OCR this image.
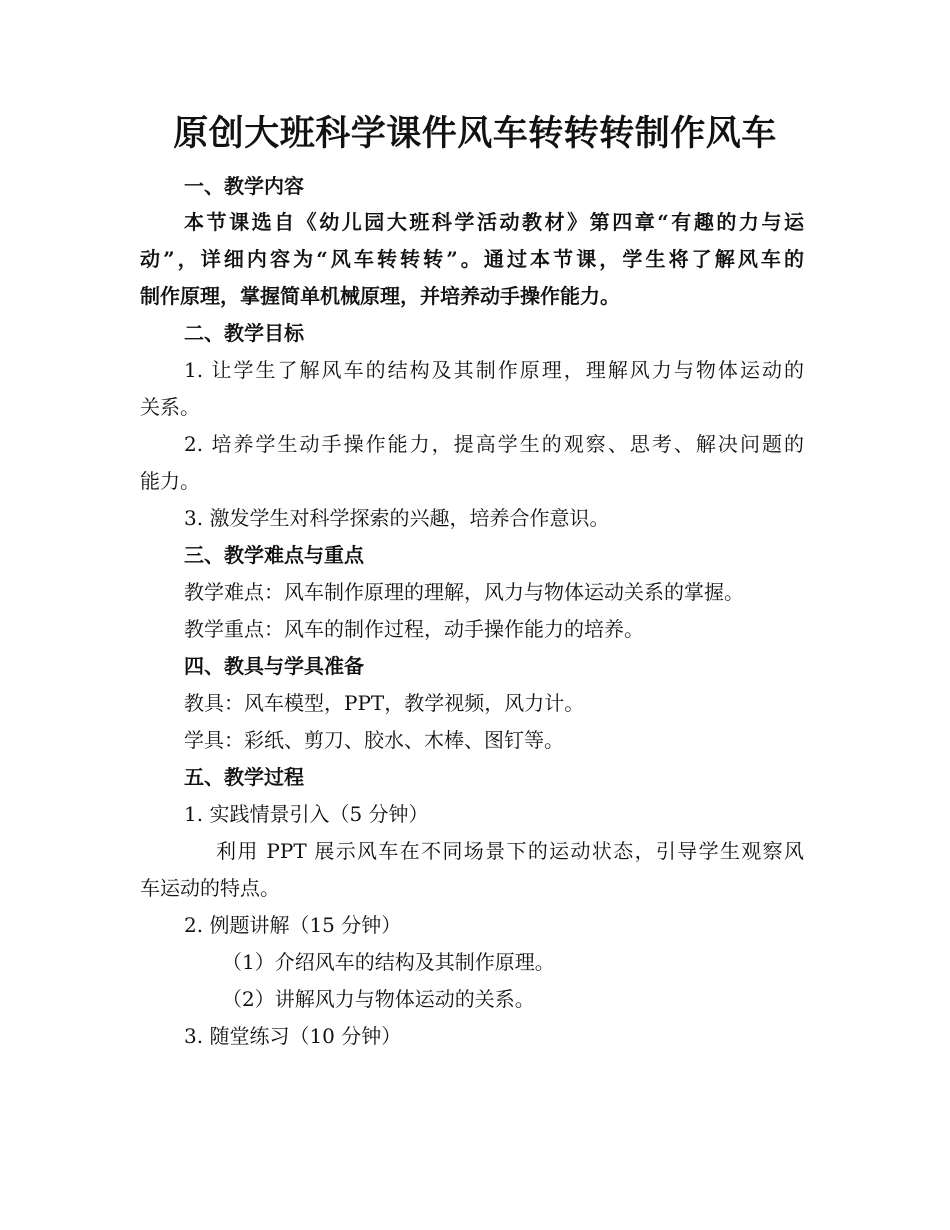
原创大班科学课件风车转转转制作风车
一、教学内容
本节课选自《幼儿园大班科学活动教材》第四章“有趣的力与运
动”，详细内容为“风车转转转”。通过本节课，学生将了解风车的
制作原理，掌握简单机械原理，并培养动手操作能力。
二、教学目标
1. 让学生了解风车的结构及其制作原理，理解风力与物体运动的
关系。
2. 培养学生动手操作能力，提高学生的观察、思考、解决问题的
能力。
3. 激发学生对科学探索的兴趣，培养合作意识。
三、教学难点与重点
教学难点：风车制作原理的理解，风力与物体运动关系的掌握。
教学重点：风车的制作过程，动手操作能力的培养。
四、教具与学具准备
教具：风车模型，PPT，教学视频，风力计。
学具：彩纸、剪刀、胶水、木棒、图钉等。
五、教学过程
1. 实践情景引入（5 分钟）
利用 PPT 展示风车在不同场景下的运动状态，引导学生观察风
车运动的特点。
2. 例题讲解（15 分钟）
（1）介绍风车的结构及其制作原理。
（2）讲解风力与物体运动的关系。
3. 随堂练习（10 分钟）
